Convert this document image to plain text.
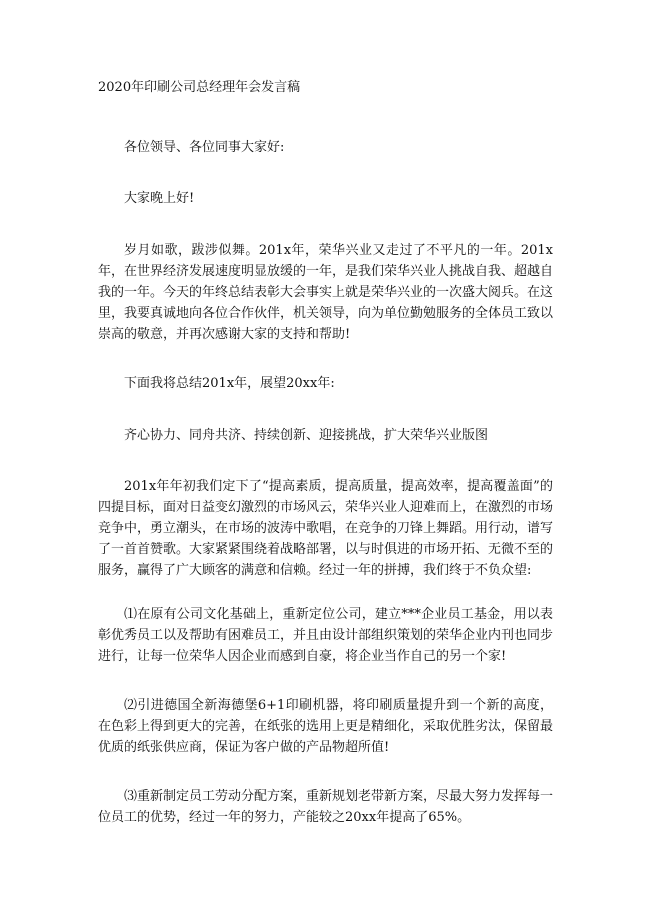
2020年印刷公司总经理年会发言稿
各位领导、各位同事大家好:
大家晚上好!
岁月如歌，跋涉似舞。201x年，荣华兴业又走过了不平凡的一年。201x年，在世界经济发展速度明显放缓的一年，是我们荣华兴业人挑战自我、超越自我的一年。今天的年终总结表彰大会事实上就是荣华兴业的一次盛大阅兵。在这里，我要真诚地向各位合作伙伴，机关领导，向为单位勤勉服务的全体员工致以崇高的敬意，并再次感谢大家的支持和帮助!
下面我将总结201x年，展望20xx年:
齐心协力、同舟共济、持续创新、迎接挑战，扩大荣华兴业版图
201x年年初我们定下了“提高素质，提高质量，提高效率，提高覆盖面”的四提目标，面对日益变幻激烈的市场风云，荣华兴业人迎难而上，在激烈的市场竞争中，勇立潮头，在市场的波涛中歌唱，在竞争的刀锋上舞蹈。用行动，谱写了一首首赞歌。大家紧紧围绕着战略部署，以与时俱进的市场开拓、无微不至的服务，赢得了广大顾客的满意和信赖。经过一年的拼搏，我们终于不负众望:
⑴在原有公司文化基础上，重新定位公司，建立***企业员工基金，用以表彰优秀员工以及帮助有困难员工，并且由设计部组织策划的荣华企业内刊也同步进行，让每一位荣华人因企业而感到自豪，将企业当作自己的另一个家!
⑵引进德国全新海德堡6+1印刷机器，将印刷质量提升到一个新的高度，在色彩上得到更大的完善，在纸张的选用上更是精细化，采取优胜劣汰，保留最优质的纸张供应商，保证为客户做的产品物超所值!
⑶重新制定员工劳动分配方案，重新规划老带新方案，尽最大努力发挥每一位员工的优势，经过一年的努力，产能较之20xx年提高了65%。
